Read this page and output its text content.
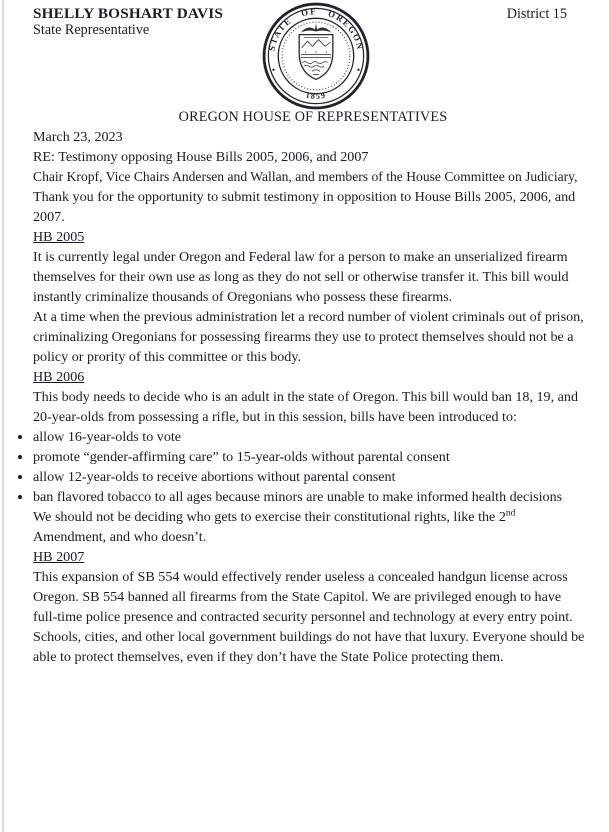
SHELLY BOSHART DAVIS
State Representative
District 15
STATE OF OREGON
1859
OREGON HOUSE OF REPRESENTATIVES

March 23, 2023

RE: Testimony opposing House Bills 2005, 2006, and 2007

Chair Kropf, Vice Chairs Andersen and Wallan, and members of the House Committee on Judiciary,

Thank you for the opportunity to submit testimony in opposition to House Bills 2005, 2006, and 2007.

HB 2005

It is currently legal under Oregon and Federal law for a person to make an unserialized firearm themselves for their own use as long as they do not sell or otherwise transfer it. This bill would instantly criminalize thousands of Oregonians who possess these firearms.

At a time when the previous administration let a record number of violent criminals out of prison, criminalizing Oregonians for possessing firearms they use to protect themselves should not be a policy or prority of this committee or this body.

HB 2006

This body needs to decide who is an adult in the state of Oregon. This bill would ban 18, 19, and 20-year-olds from possessing a rifle, but in this session, bills have been introduced to:

• allow 16-year-olds to vote
• promote “gender-affirming care” to 15-year-olds without parental consent
• allow 12-year-olds to receive abortions without parental consent
• ban flavored tobacco to all ages because minors are unable to make informed health decisions

We should not be deciding who gets to exercise their constitutional rights, like the 2nd Amendment, and who doesn’t.

HB 2007

This expansion of SB 554 would effectively render useless a concealed handgun license across Oregon. SB 554 banned all firearms from the State Capitol. We are privileged enough to have full-time police presence and contracted security personnel and technology at every entry point. Schools, cities, and other local government buildings do not have that luxury. Everyone should be able to protect themselves, even if they don’t have the State Police protecting them.
